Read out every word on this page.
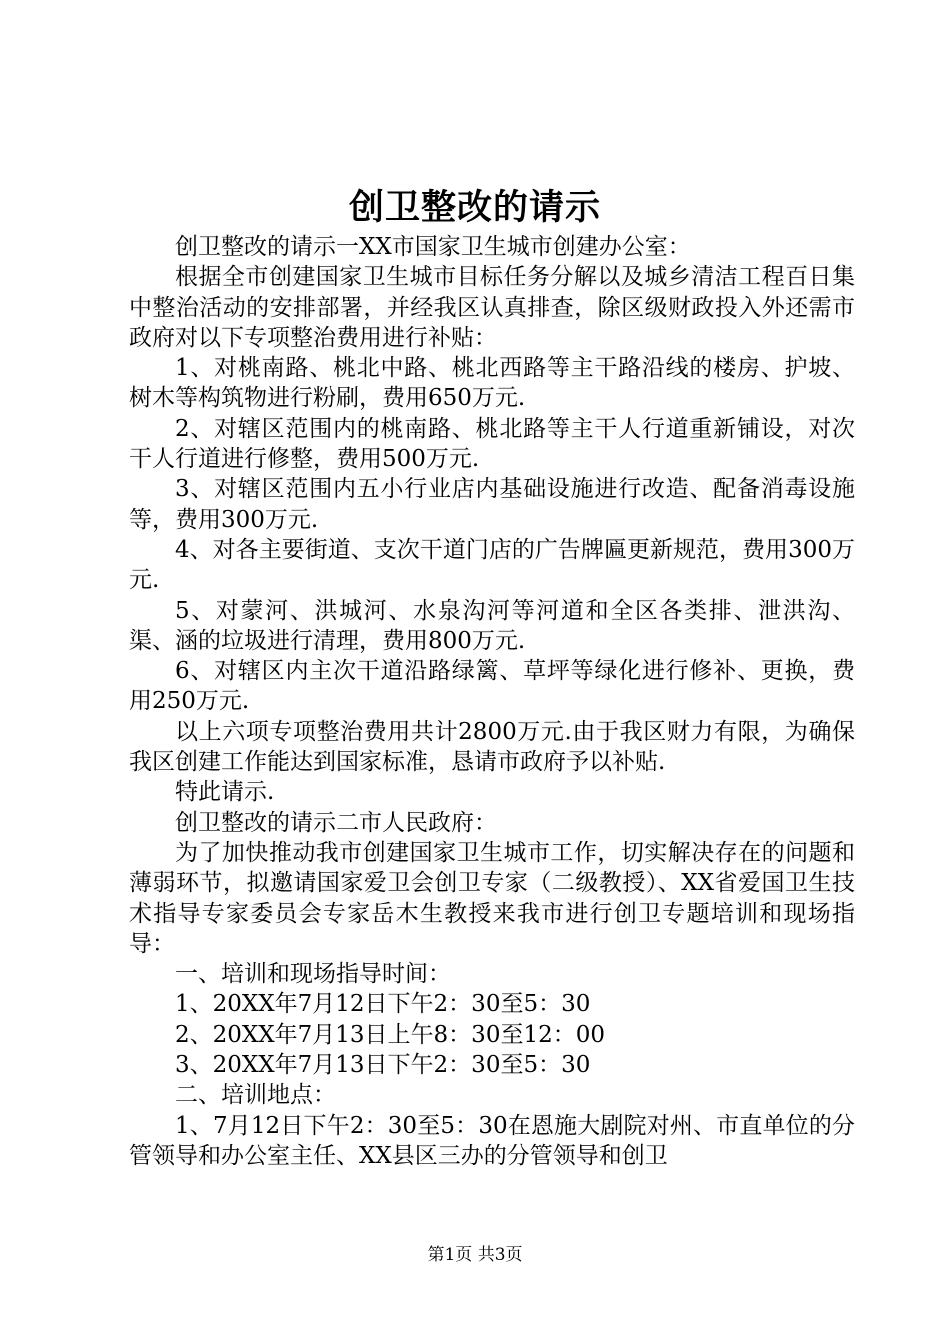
创卫整改的请示

创卫整改的请示一XX市国家卫生城市创建办公室：

根据全市创建国家卫生城市目标任务分解以及城乡清洁工程百日集中整治活动的安排部署，并经我区认真排查，除区级财政投入外还需市政府对以下专项整治费用进行补贴：

1、对桃南路、桃北中路、桃北西路等主干路沿线的楼房、护坡、树木等构筑物进行粉刷，费用650万元.

2、对辖区范围内的桃南路、桃北路等主干人行道重新铺设，对次干人行道进行修整，费用500万元.

3、对辖区范围内五小行业店内基础设施进行改造、配备消毒设施等，费用300万元.

4、对各主要街道、支次干道门店的广告牌匾更新规范，费用300万元.

5、对蒙河、洪城河、水泉沟河等河道和全区各类排、泄洪沟、渠、涵的垃圾进行清理，费用800万元.

6、对辖区内主次干道沿路绿篱、草坪等绿化进行修补、更换，费用250万元.

以上六项专项整治费用共计2800万元.由于我区财力有限，为确保我区创建工作能达到国家标准，恳请市政府予以补贴.

特此请示.

创卫整改的请示二市人民政府：

为了加快推动我市创建国家卫生城市工作，切实解决存在的问题和薄弱环节，拟邀请国家爱卫会创卫专家（二级教授）、XX省爱国卫生技术指导专家委员会专家岳木生教授来我市进行创卫专题培训和现场指导：

一、培训和现场指导时间：

1、20XX年7月12日下午2：30至5：30

2、20XX年7月13日上午8：30至12：00

3、20XX年7月13日下午2：30至5：30

二、培训地点：

1、7月12日下午2：30至5：30在恩施大剧院对州、市直单位的分管领导和办公室主任、XX县区三办的分管领导和创卫

第1页 共3页
